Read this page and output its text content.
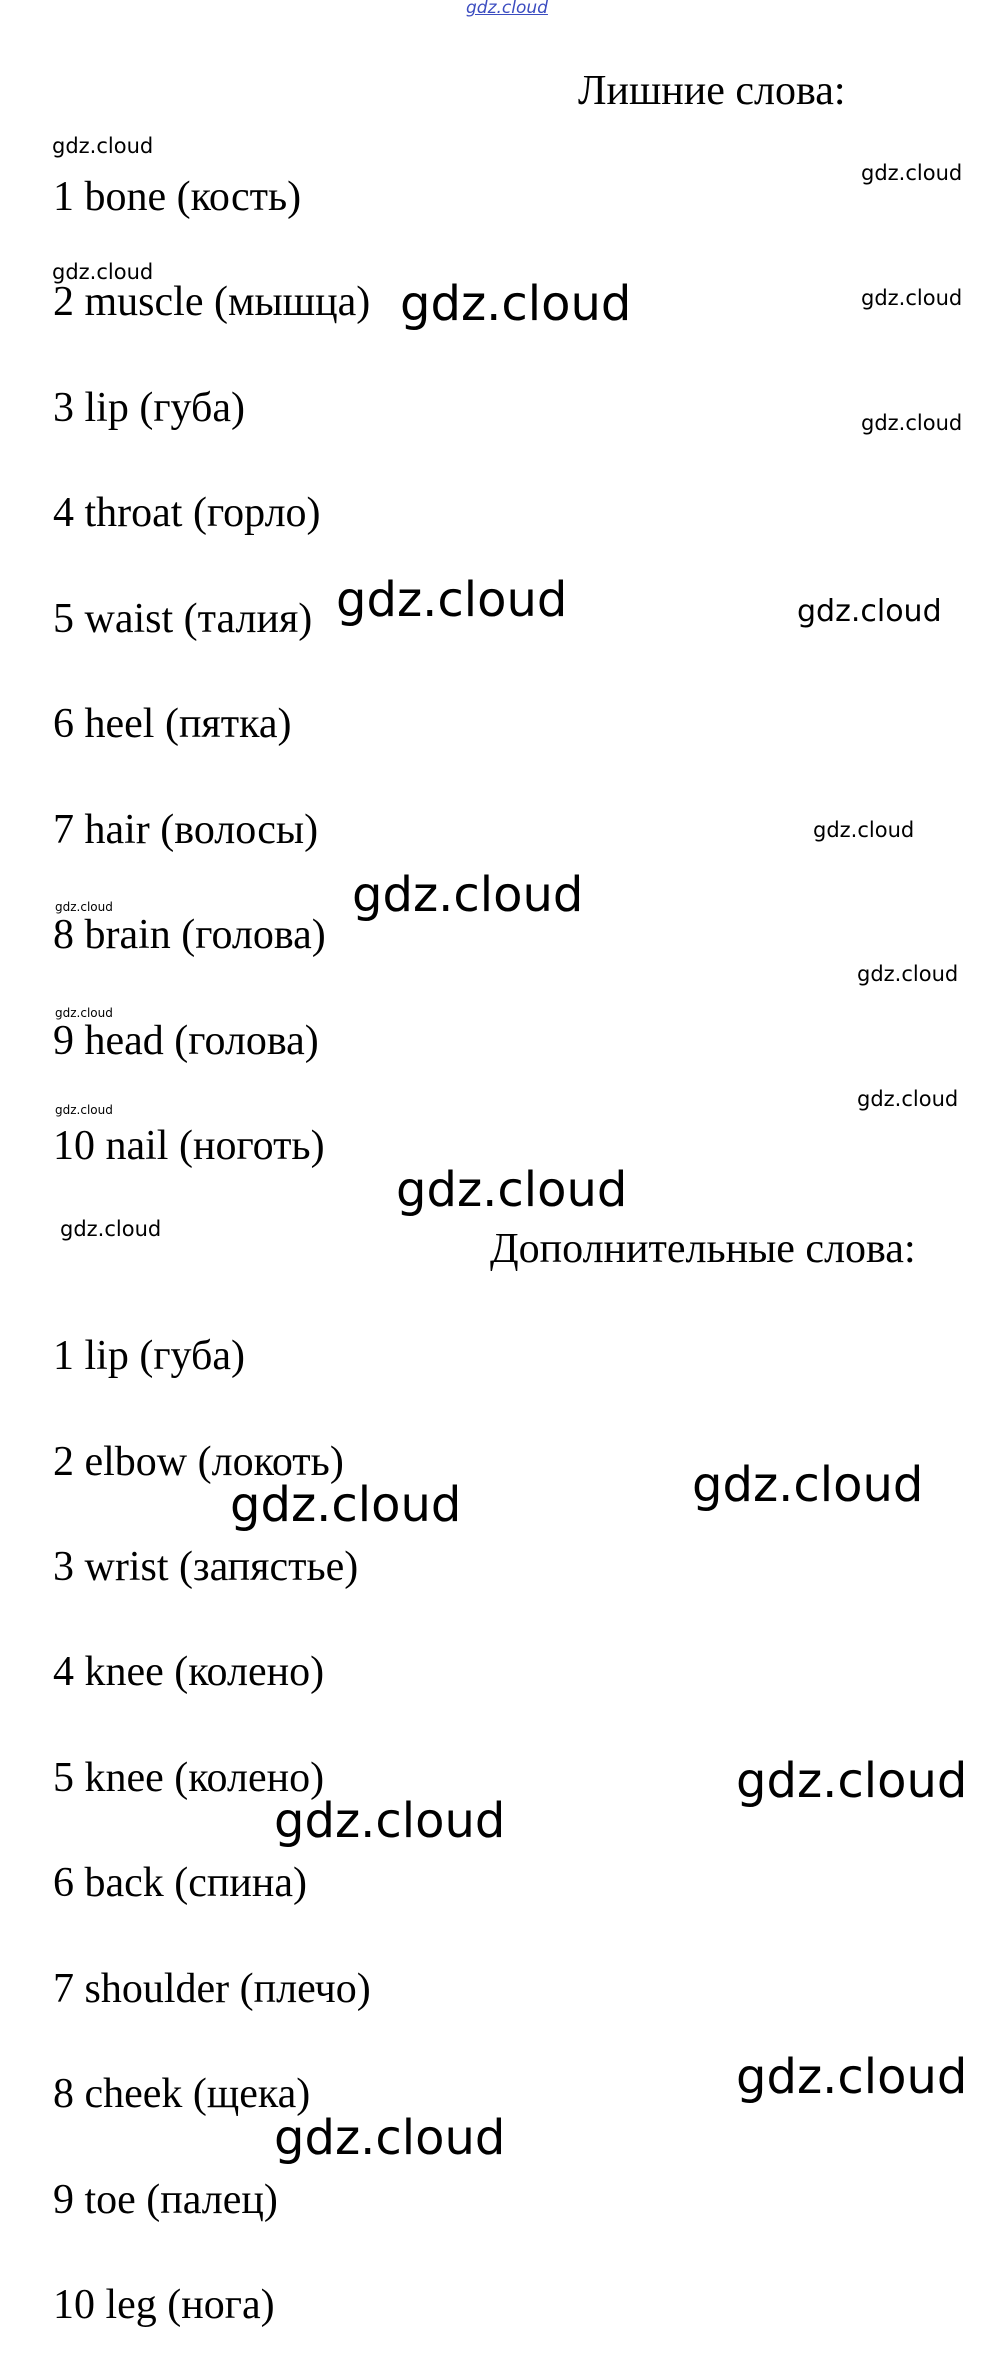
gdz.cloud
Лишние слова:
Дополнительные слова:
1 bone (кость)
2 muscle (мышца)
3 lip (губа)
4 throat (горло)
5 waist (талия)
6 heel (пятка)
7 hair (волосы)
8 brain (голова)
9 head (голова)
10 nail (ноготь)
1 lip (губа)
2 elbow (локоть)
3 wrist (запястье)
4 knee (колено)
5 knee (колено)
6 back (спина)
7 shoulder (плечо)
8 cheek (щека)
9 toe (палец)
10 leg (нога)
gdz.cloud
gdz.cloud
gdz.cloud
gdz.cloud	gdz.cloud
gdz.cloud
gdz.cloud	gdz.cloud
gdz.cloud
gdz.cloud
gdz.cloud
gdz.cloud
gdz.cloud
gdz.cloud	gdz.cloud
gdz.cloud
gdz.cloud
gdz.cloud
gdz.cloud
gdz.cloud
gdz.cloud
gdz.cloud
gdz.cloud
